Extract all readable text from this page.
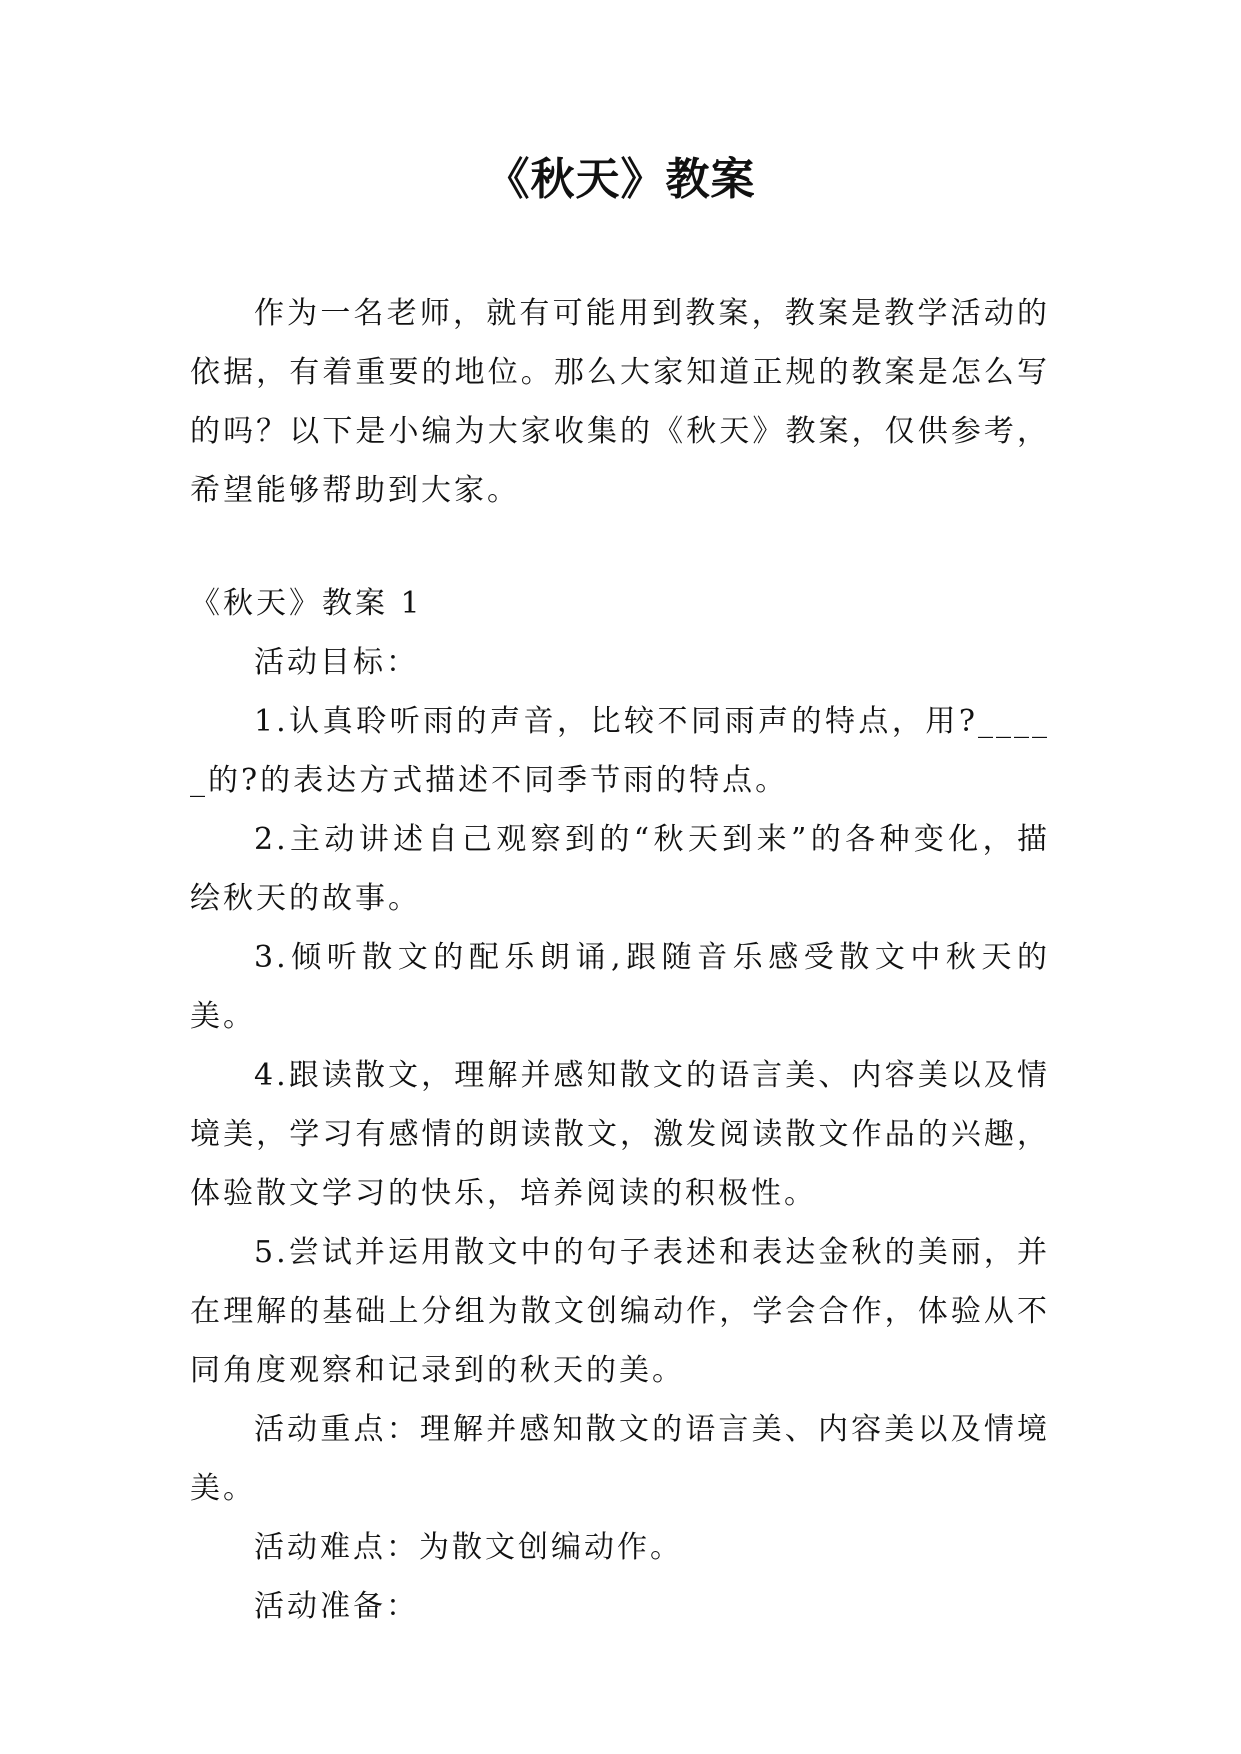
《秋天》教案

作为一名老师，就有可能用到教案，教案是教学活动的依据，有着重要的地位。那么大家知道正规的教案是怎么写的吗？以下是小编为大家收集的《秋天》教案，仅供参考，希望能够帮助到大家。

《秋天》教案 1

活动目标：

1.认真聆听雨的声音，比较不同雨声的特点，用?_____的?的表达方式描述不同季节雨的特点。

2.主动讲述自己观察到的“秋天到来”的各种变化，描绘秋天的故事。

3.倾听散文的配乐朗诵,跟随音乐感受散文中秋天的美。

4.跟读散文，理解并感知散文的语言美、内容美以及情境美，学习有感情的朗读散文，激发阅读散文作品的兴趣，体验散文学习的快乐，培养阅读的积极性。

5.尝试并运用散文中的句子表述和表达金秋的美丽，并在理解的基础上分组为散文创编动作，学会合作，体验从不同角度观察和记录到的秋天的美。

活动重点：理解并感知散文的语言美、内容美以及情境美。

活动难点：为散文创编动作。

活动准备：
